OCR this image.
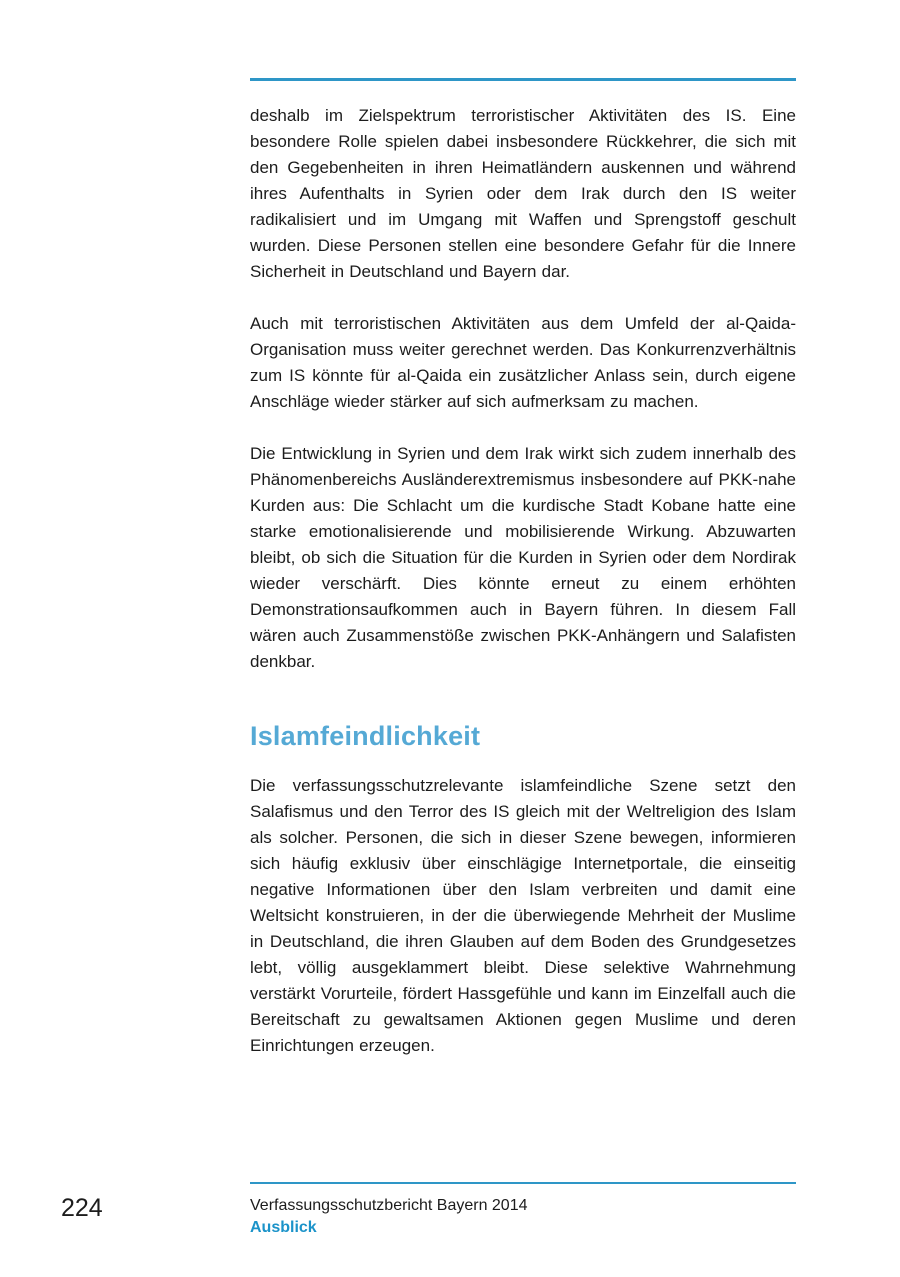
deshalb im Zielspektrum terroristischer Aktivitäten des IS. Eine besondere Rolle spielen dabei insbesondere Rückkehrer, die sich mit den Gegebenheiten in ihren Heimatländern auskennen und während ihres Aufenthalts in Syrien oder dem Irak durch den IS weiter radikalisiert und im Umgang mit Waffen und Sprengstoff geschult wurden. Diese Personen stellen eine besondere Gefahr für die Innere Sicherheit in Deutschland und Bayern dar.

Auch mit terroristischen Aktivitäten aus dem Umfeld der al-Qaida-Organisation muss weiter gerechnet werden. Das Konkurrenzverhältnis zum IS könnte für al-Qaida ein zusätzlicher Anlass sein, durch eigene Anschläge wieder stärker auf sich aufmerksam zu machen.

Die Entwicklung in Syrien und dem Irak wirkt sich zudem innerhalb des Phänomenbereichs Ausländerextremismus insbesondere auf PKK-nahe Kurden aus: Die Schlacht um die kurdische Stadt Kobane hatte eine starke emotionalisierende und mobilisierende Wirkung. Abzuwarten bleibt, ob sich die Situation für die Kurden in Syrien oder dem Nordirak wieder verschärft. Dies könnte erneut zu einem erhöhten Demonstrationsaufkommen auch in Bayern führen. In diesem Fall wären auch Zusammenstöße zwischen PKK-Anhängern und Salafisten denkbar.

Islamfeindlichkeit

Die verfassungsschutzrelevante islamfeindliche Szene setzt den Salafismus und den Terror des IS gleich mit der Weltreligion des Islam als solcher. Personen, die sich in dieser Szene bewegen, informieren sich häufig exklusiv über einschlägige Internetportale, die einseitig negative Informationen über den Islam verbreiten und damit eine Weltsicht konstruieren, in der die überwiegende Mehrheit der Muslime in Deutschland, die ihren Glauben auf dem Boden des Grundgesetzes lebt, völlig ausgeklammert bleibt. Diese selektive Wahrnehmung verstärkt Vorurteile, fördert Hassgefühle und kann im Einzelfall auch die Bereitschaft zu gewaltsamen Aktionen gegen Muslime und deren Einrichtungen erzeugen.

Verfassungsschutzbericht Bayern 2014
Ausblick
224
